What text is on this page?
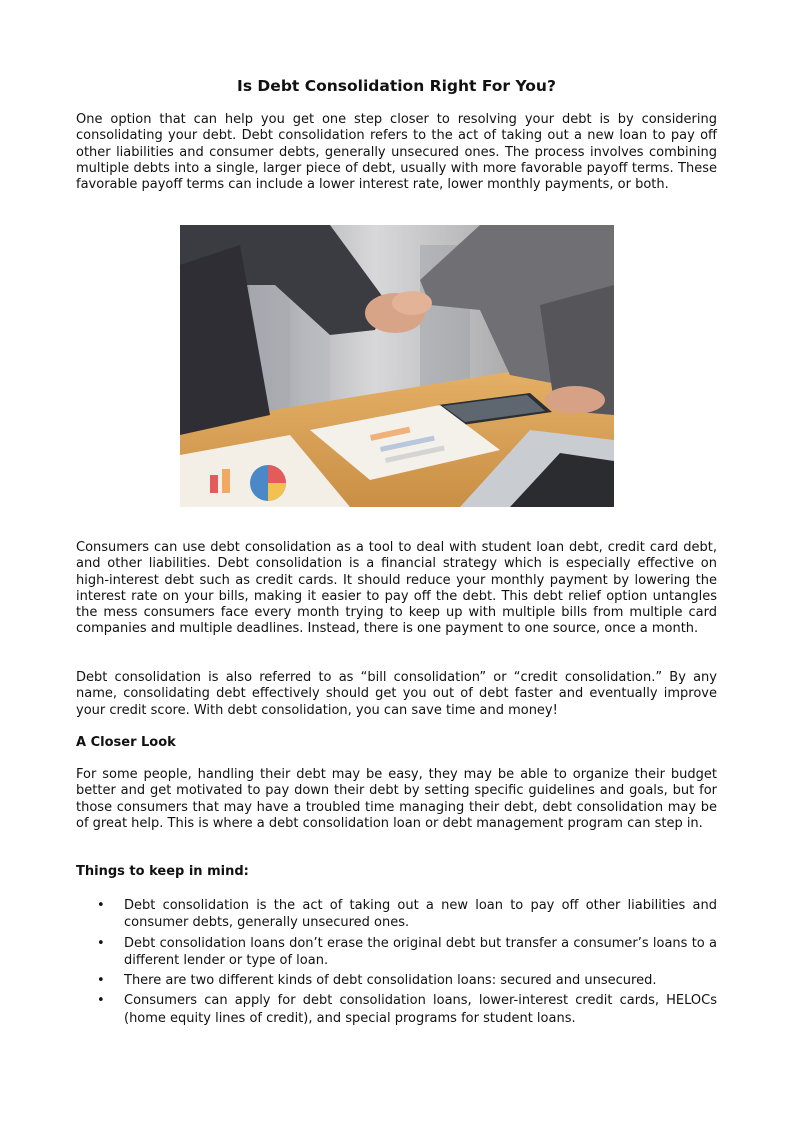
Is Debt Consolidation Right For You?

One option that can help you get one step closer to resolving your debt is by considering consolidating your debt. Debt consolidation refers to the act of taking out a new loan to pay off other liabilities and consumer debts, generally unsecured ones. The process involves combining multiple debts into a single, larger piece of debt, usually with more favorable payoff terms. These favorable payoff terms can include a lower interest rate, lower monthly payments, or both.

Consumers can use debt consolidation as a tool to deal with student loan debt, credit card debt, and other liabilities. Debt consolidation is a financial strategy which is especially effective on high-interest debt such as credit cards. It should reduce your monthly payment by lowering the interest rate on your bills, making it easier to pay off the debt. This debt relief option untangles the mess consumers face every month trying to keep up with multiple bills from multiple card companies and multiple deadlines. Instead, there is one payment to one source, once a month.

Debt consolidation is also referred to as “bill consolidation” or “credit consolidation.” By any name, consolidating debt effectively should get you out of debt faster and eventually improve your credit score. With debt consolidation, you can save time and money!

A Closer Look

For some people, handling their debt may be easy, they may be able to organize their budget better and get motivated to pay down their debt by setting specific guidelines and goals, but for those consumers that may have a troubled time managing their debt, debt consolidation may be of great help. This is where a debt consolidation loan or debt management program can step in.

Things to keep in mind:
• Debt consolidation is the act of taking out a new loan to pay off other liabilities and consumer debts, generally unsecured ones.
• Debt consolidation loans don’t erase the original debt but transfer a consumer’s loans to a different lender or type of loan.
• There are two different kinds of debt consolidation loans: secured and unsecured.
• Consumers can apply for debt consolidation loans, lower-interest credit cards, HELOCs (home equity lines of credit), and special programs for student loans.
